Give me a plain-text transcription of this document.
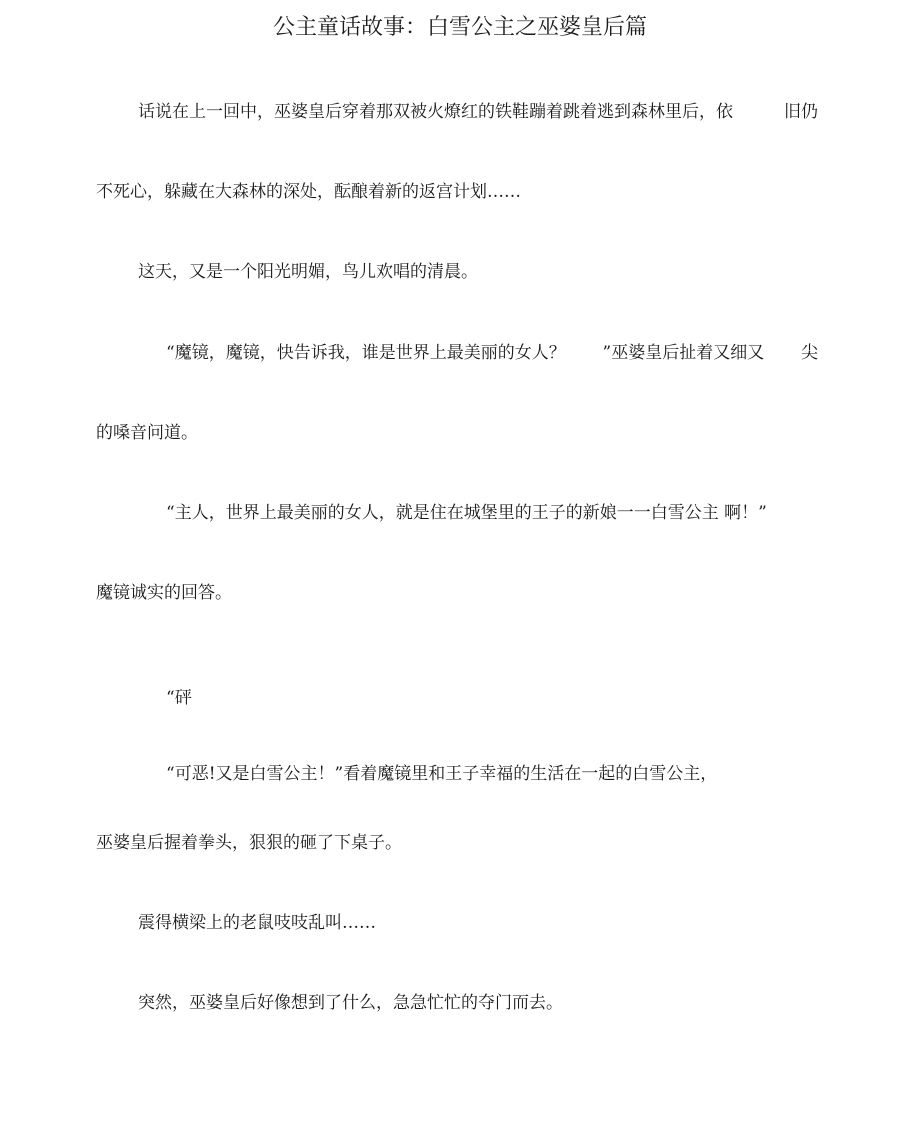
公主童话故事：白雪公主之巫婆皇后篇
话说在上一回中，巫婆皇后穿着那双被火燎红的铁鞋蹦着跳着逃到森林里后，依	旧仍

不死心，躲藏在大森林的深处，酝酿着新的返宫计划……

这天，又是一个阳光明媚，鸟儿欢唱的清晨。

“魔镜，魔镜，快告诉我，谁是世界上最美丽的女人？ ”巫婆皇后扯着又细又 尖

的嗓音问道。

“主人，世界上最美丽的女人，就是住在城堡里的王子的新娘一一白雪公主 啊！”

魔镜诚实的回答。

“砰

“可恶!又是白雪公主！”看着魔镜里和王子幸福的生活在一起的白雪公主，

巫婆皇后握着拳头，狠狠的砸了下桌子。

震得横梁上的老鼠吱吱乱叫……

突然，巫婆皇后好像想到了什么，急急忙忙的夺门而去。
